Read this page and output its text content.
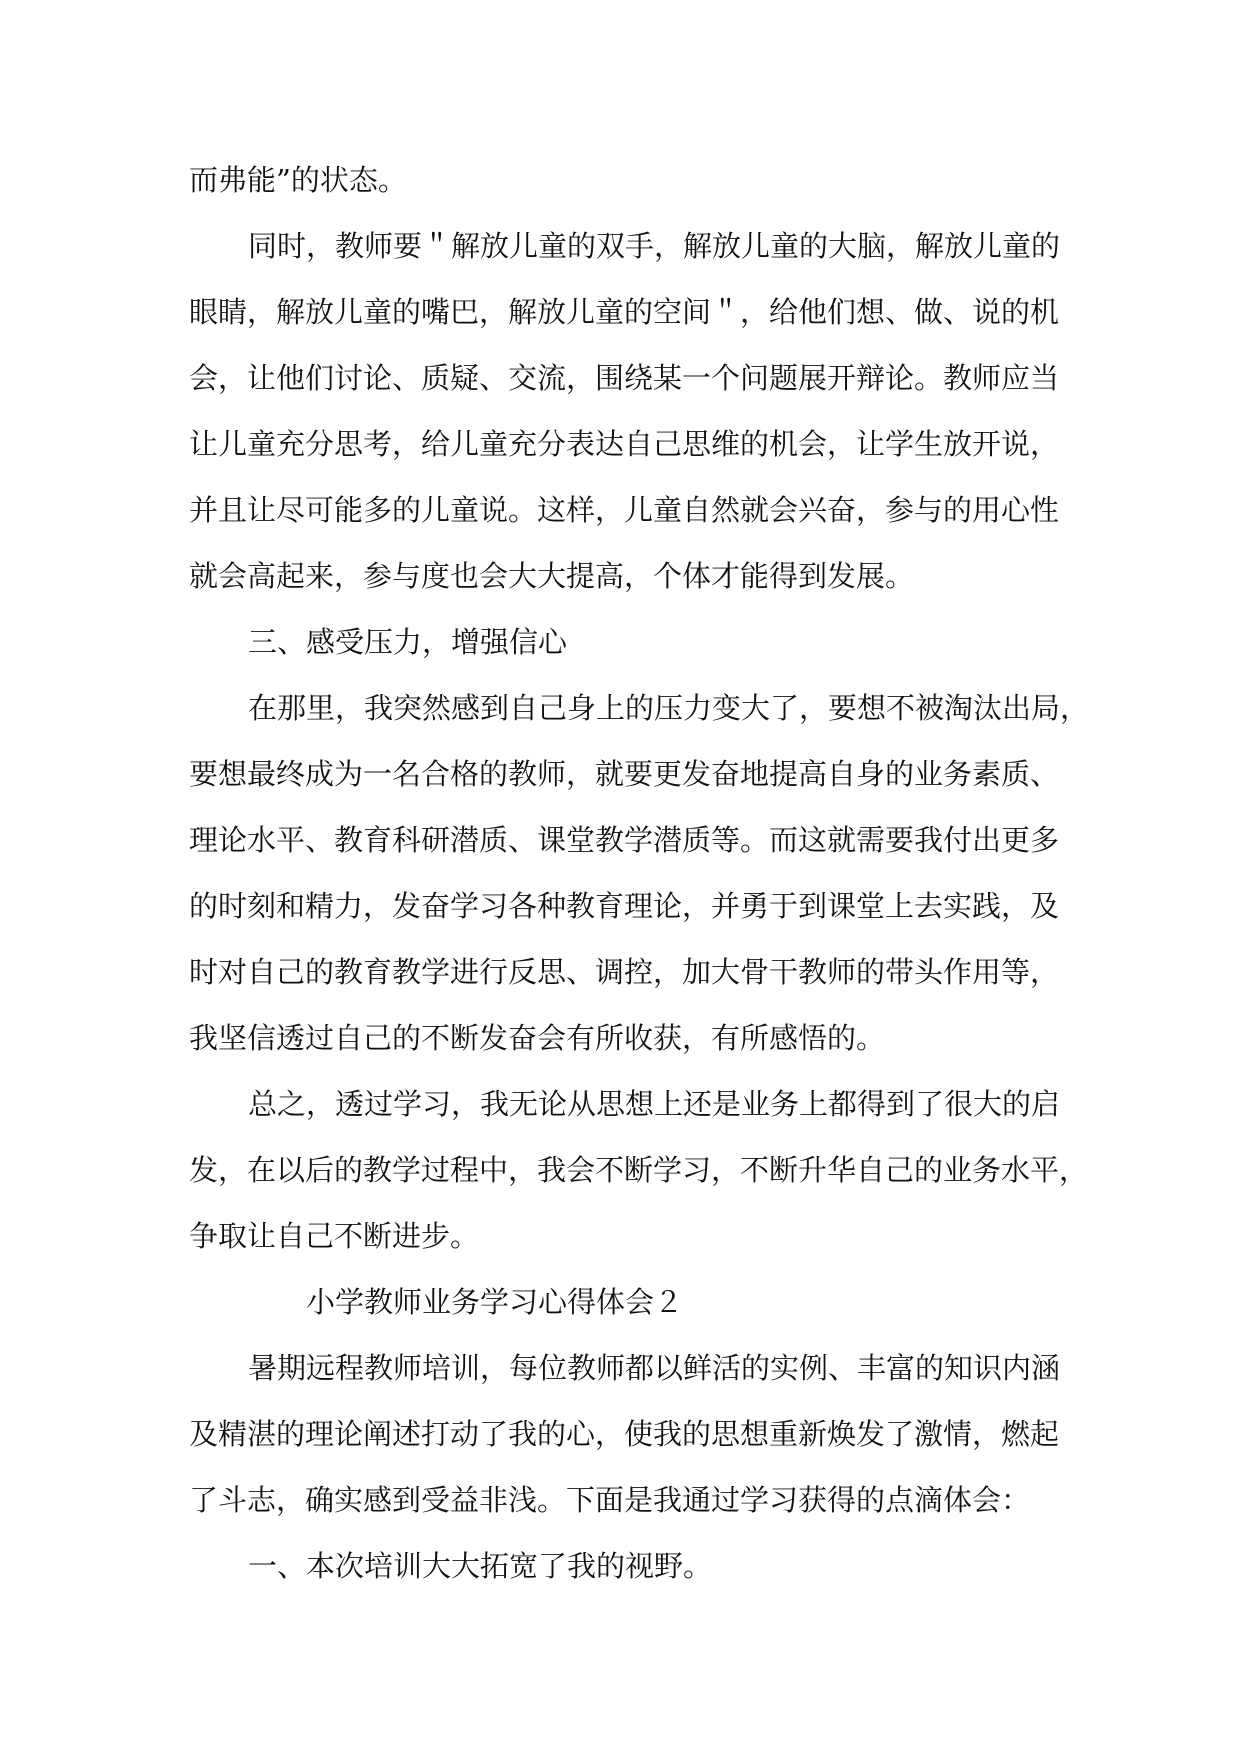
而弗能”的状态。

同时，教师要＂解放儿童的双手，解放儿童的大脑，解放儿童的

眼睛，解放儿童的嘴巴，解放儿童的空间＂，给他们想、做、说的机

会，让他们讨论、质疑、交流，围绕某一个问题展开辩论。教师应当

让儿童充分思考，给儿童充分表达自己思维的机会，让学生放开说，

并且让尽可能多的儿童说。这样，儿童自然就会兴奋，参与的用心性

就会高起来，参与度也会大大提高，个体才能得到发展。

三、感受压力，增强信心

在那里，我突然感到自己身上的压力变大了，要想不被淘汰出局，

要想最终成为一名合格的教师，就要更发奋地提高自身的业务素质、

理论水平、教育科研潜质、课堂教学潜质等。而这就需要我付出更多

的时刻和精力，发奋学习各种教育理论，并勇于到课堂上去实践，及

时对自己的教育教学进行反思、调控，加大骨干教师的带头作用等，

我坚信透过自己的不断发奋会有所收获，有所感悟的。

总之，透过学习，我无论从思想上还是业务上都得到了很大的启

发，在以后的教学过程中，我会不断学习，不断升华自己的业务水平，

争取让自己不断进步。

小学教师业务学习心得体会２

暑期远程教师培训，每位教师都以鲜活的实例、丰富的知识内涵

及精湛的理论阐述打动了我的心，使我的思想重新焕发了激情，燃起

了斗志，确实感到受益非浅。下面是我通过学习获得的点滴体会：

一、本次培训大大拓宽了我的视野。
